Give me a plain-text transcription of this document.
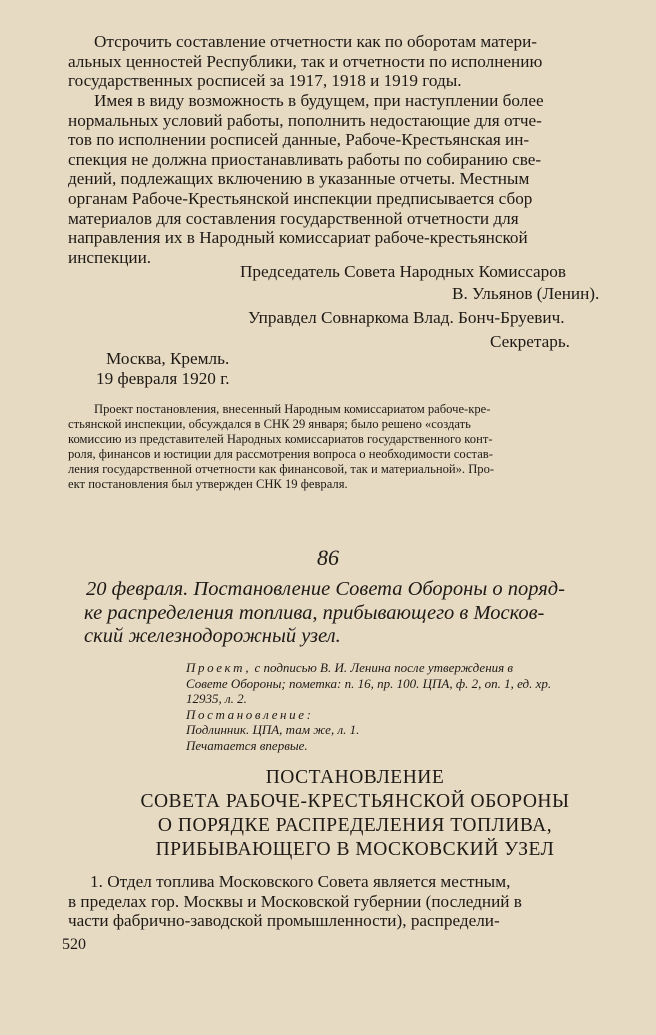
Отсрочить составление отчетности как по оборотам матери-
альных ценностей Республики, так и отчетности по исполнению
государственных росписей за 1917, 1918 и 1919 годы.

Имея в виду возможность в будущем, при наступлении более
нормальных условий работы, пополнить недостающие для отче-
тов по исполнении росписей данные, Рабоче-Крестьянская ин-
спекция не должна приостанавливать работы по собиранию све-
дений, подлежащих включению в указанные отчеты. Местным
органам Рабоче-Крестьянской инспекции предписывается сбор
материалов для составления государственной отчетности для
направления их в Народный комиссариат рабоче-крестьянской
инспекции.

Председатель Совета Народных Комиссаров
В. Ульянов (Ленин).
Управдел Совнаркома Влад. Бонч-Бруевич.
Секретарь.
Москва, Кремль.
19 февраля 1920 г.
Проект постановления, внесенный Народным комиссариатом рабоче-кре-
стьянской инспекции, обсуждался в СНК 29 января; было решено «создать
комиссию из представителей Народных комиссариатов государственного конт-
роля, финансов и юстиции для рассмотрения вопроса о необходимости состав-
ления государственной отчетности как финансовой, так и материальной». Про-
ект постановления был утвержден СНК 19 февраля.
86
20 февраля. Постановление Совета Обороны о поряд-
ке распределения топлива, прибывающего в Москов-
ский железнодорожный узел.
Проект, с подписью В. И. Ленина после утверждения в
Совете Обороны; пометка: п. 16, пр. 100. ЦПА, ф. 2, оп. 1, ед. хр.
12935, л. 2.
Постановление:
Подлинник. ЦПА, там же, л. 1.
Печатается впервые.
ПОСТАНОВЛЕНИЕ
СОВЕТА РАБОЧЕ-КРЕСТЬЯНСКОЙ ОБОРОНЫ
О ПОРЯДКЕ РАСПРЕДЕЛЕНИЯ ТОПЛИВА,
ПРИБЫВАЮЩЕГО В МОСКОВСКИЙ УЗЕЛ

1. Отдел топлива Московского Совета является местным,
в пределах гор. Москвы и Московской губернии (последний в
части фабрично-заводской промышленности), распредели-

520
